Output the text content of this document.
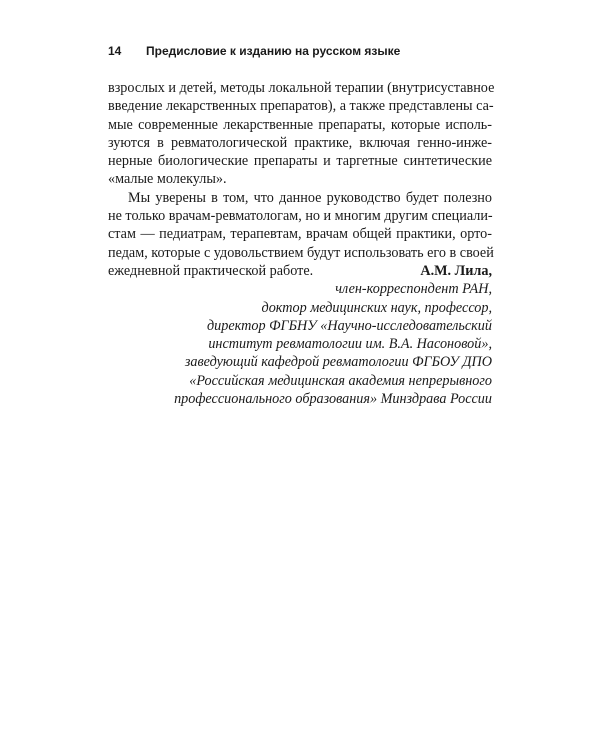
14 Предисловие к изданию на русском языке
взрослых и детей, методы локальной терапии (внутрисуставное
введение лекарственных препаратов), а также представлены са-
мые современные лекарственные препараты, которые исполь-
зуются в ревматологической практике, включая генно-инже-
нерные биологические препараты и таргетные синтетические
«малые молекулы».
Мы уверены в том, что данное руководство будет полезно
не только врачам-ревматологам, но и многим другим специали-
стам — педиатрам, терапевтам, врачам общей практики, орто-
педам, которые с удовольствием будут использовать его в своей
ежедневной практической работе.	А.М. Лила,
член-корреспондент РАН,
доктор медицинских наук, профессор,
директор ФГБНУ «Научно-исследовательский
институт ревматологии им. В.А. Насоновой»,
заведующий кафедрой ревматологии ФГБОУ ДПО
«Российская медицинская академия непрерывного
профессионального образования» Минздрава России
